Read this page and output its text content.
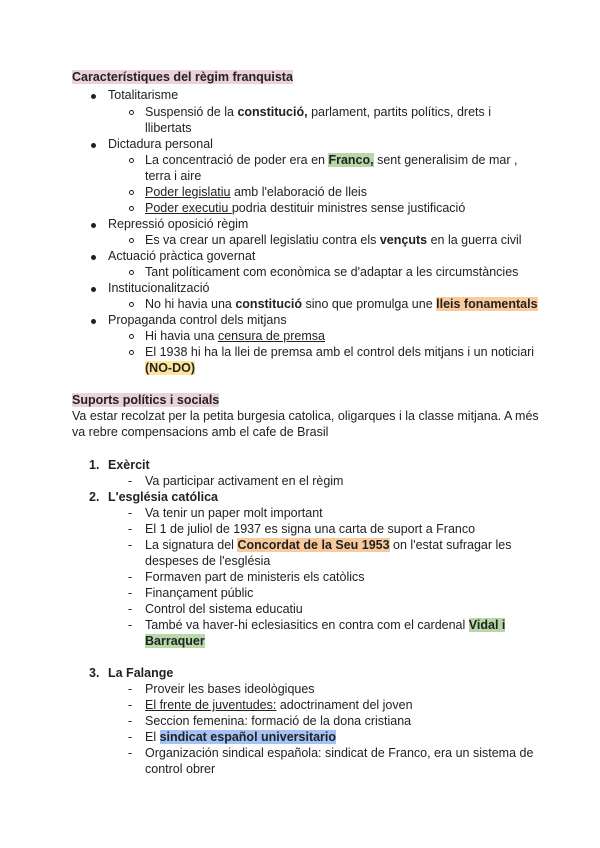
Característiques del règim franquista
Totalitarisme
Suspensió de la constitució, parlament, partits polítics, drets i
llibertats
Dictadura personal
La concentració de poder era en Franco, sent generalisim de mar ,
terra i aire
Poder legislatiu amb l'elaboració de lleis
Poder executiu podria destituir ministres sense justificació
Repressió oposició règim
Es va crear un aparell legislatiu contra els vençuts en la guerra civil
Actuació pràctica governat
Tant políticament com econòmica se d'adaptar a les circumstàncies
Institucionalització
No hi havia una constitució sino que promulga une lleis fonamentals
Propaganda control dels mitjans
Hi havia una censura de premsa
El 1938 hi ha la llei de premsa amb el control dels mitjans i un noticiari
(NO-DO)
Suports polítics i socials
Va estar recolzat per la petita burgesia catolica, oligarques i la classe mitjana. A més
va rebre compensacions amb el cafe de Brasil
1. Exèrcit
- Va participar activament en el règim
2. L'església católica
- Va tenir un paper molt important
- El 1 de juliol de 1937 es signa una carta de suport a Franco
- La signatura del Concordat de la Seu 1953 on l'estat sufragar les
despeses de l'església
- Formaven part de ministeris els catòlics
- Finançament públic
- Control del sistema educatiu
- També va haver-hi eclesiasitics en contra com el cardenal Vidal i
Barraquer
3. La Falange
- Proveir les bases ideològiques
- El frente de juventudes: adoctrinament del joven
- Seccion femenina: formació de la dona cristiana
- El sindicat español universitario
- Organización sindical española: sindicat de Franco, era un sistema de
control obrer
